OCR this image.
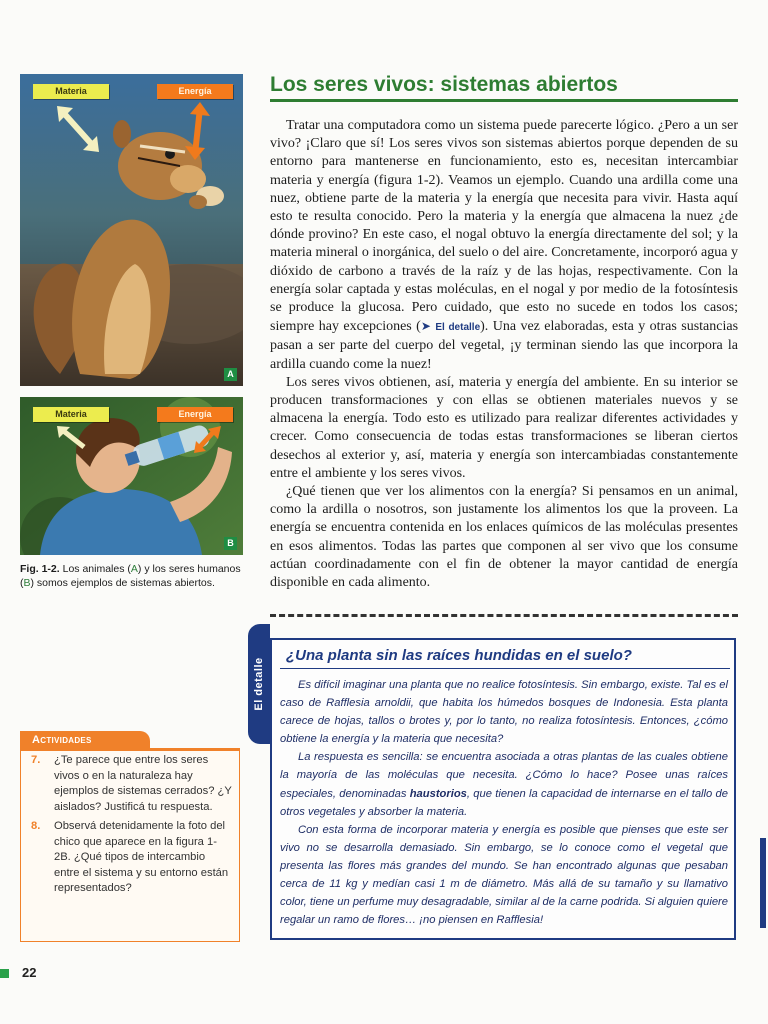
Materia	Energía
A
Materia	Energía
B
Fig. 1-2. Los animales (A) y los seres humanos (B) somos ejemplos de sistemas abiertos.
Los seres vivos: sistemas abiertos

Tratar una computadora como un sistema puede parecerte lógico. ¿Pero a un ser vivo? ¡Claro que sí! Los seres vivos son sistemas abiertos porque dependen de su entorno para mantenerse en funcionamiento, esto es, necesitan intercambiar materia y energía (figura 1-2). Veamos un ejemplo. Cuando una ardilla come una nuez, obtiene parte de la materia y la energía que necesita para vivir. Hasta aquí esto te resulta conocido. Pero la materia y la energía que almacena la nuez ¿de dónde provino? En este caso, el nogal obtuvo la energía directamente del sol; y la materia mineral o inorgánica, del suelo o del aire. Concretamente, incorporó agua y dióxido de carbono a través de la raíz y de las hojas, respectivamente. Con la energía solar captada y estas moléculas, en el nogal y por medio de la fotosíntesis se produce la glucosa. Pero cuidado, que esto no sucede en todos los casos; siempre hay excepciones (➤ El detalle). Una vez elaboradas, esta y otras sustancias pasan a ser parte del cuerpo del vegetal, ¡y terminan siendo las que incorpora la ardilla cuando come la nuez!

Los seres vivos obtienen, así, materia y energía del ambiente. En su interior se producen transformaciones y con ellas se obtienen materiales nuevos y se almacena la energía. Todo esto es utilizado para realizar diferentes actividades y crecer. Como consecuencia de todas estas transformaciones se liberan ciertos desechos al exterior y, así, materia y energía son intercambiadas constantemente entre el ambiente y los seres vivos.

¿Qué tienen que ver los alimentos con la energía? Si pensamos en un animal, como la ardilla o nosotros, son justamente los alimentos los que la proveen. La energía se encuentra contenida en los enlaces químicos de las moléculas presentes en esos alimentos. Todas las partes que componen al ser vivo que los consume actúan coordinadamente con el fin de obtener la mayor cantidad de energía disponible en cada alimento.

El detalle
¿Una planta sin las raíces hundidas en el suelo?

Es difícil imaginar una planta que no realice fotosíntesis. Sin embargo, existe. Tal es el caso de Rafflesia arnoldii, que habita los húmedos bosques de Indonesia. Esta planta carece de hojas, tallos o brotes y, por lo tanto, no realiza fotosíntesis. Entonces, ¿cómo obtiene la energía y la materia que necesita?

La respuesta es sencilla: se encuentra asociada a otras plantas de las cuales obtiene la mayoría de las moléculas que necesita. ¿Cómo lo hace? Posee unas raíces especiales, denominadas haustorios, que tienen la capacidad de internarse en el tallo de otros vegetales y absorber la materia.

Con esta forma de incorporar materia y energía es posible que pienses que este ser vivo no se desarrolla demasiado. Sin embargo, se lo conoce como el vegetal que presenta las flores más grandes del mundo. Se han encontrado algunas que pesaban cerca de 11 kg y medían casi 1 m de diámetro. Más allá de su tamaño y su llamativo color, tiene un perfume muy desagradable, similar al de la carne podrida. Si alguien quiere regalar un ramo de flores… ¡no piensen en Rafflesia!

Actividades
7. ¿Te parece que entre los seres vivos o en la naturaleza hay ejemplos de sistemas cerrados? ¿Y aislados? Justificá tu respuesta.
8. Observá detenidamente la foto del chico que aparece en la figura 1-2B. ¿Qué tipos de intercambio entre el sistema y su entorno están representados?
22
